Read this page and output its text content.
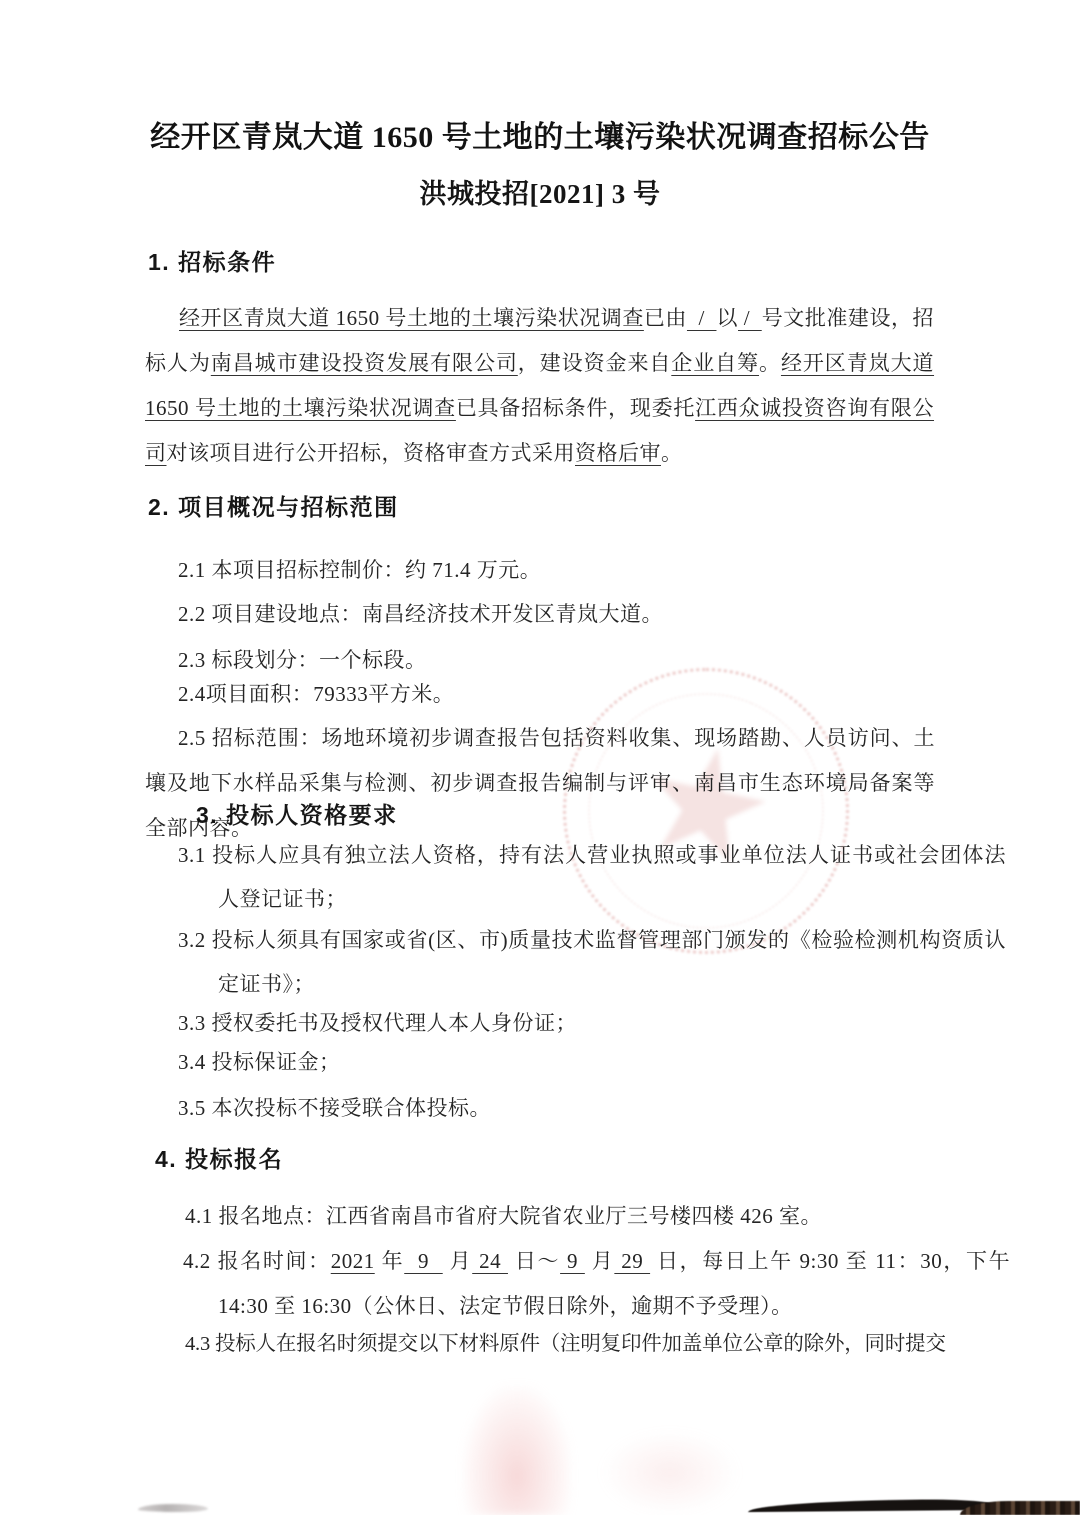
★
经开区青岚大道 1650 号土地的土壤污染状况调查招标公告
洪城投招[2021] 3 号
1. 招标条件
经开区青岚大道 1650 号土地的土壤污染状况调查已由  /  以 /  号文批准建设，招标人为南昌城市建设投资发展有限公司，建设资金来自企业自筹。经开区青岚大道 1650 号土地的土壤污染状况调查已具备招标条件，现委托江西众诚投资咨询有限公司对该项目进行公开招标，资格审查方式采用资格后审。
2. 项目概况与招标范围
2.1 本项目招标控制价：约 71.4 万元。
2.2 项目建设地点：南昌经济技术开发区青岚大道。
2.3 标段划分：一个标段。
2.4项目面积：79333平方米。
2.5 招标范围：场地环境初步调查报告包括资料收集、现场踏勘、人员访问、土壤及地下水样品采集与检测、初步调查报告编制与评审、南昌市生态环境局备案等全部内容。
3. 投标人资格要求
3.1 投标人应具有独立法人资格，持有法人营业执照或事业单位法人证书或社会团体法人登记证书；
3.2 投标人须具有国家或省(区、市)质量技术监督管理部门颁发的《检验检测机构资质认定证书》；
3.3 授权委托书及授权代理人本人身份证；
3.4 投标保证金；
3.5 本次投标不接受联合体投标。
4. 投标报名
4.1 报名地点：江西省南昌市省府大院省农业厅三号楼四楼 426 室。
4.2 报名时间：2021 年  9   月 24  日～ 9  月 29  日，每日上午 9:30 至 11：30，下午 14:30 至 16:30（公休日、法定节假日除外，逾期不予受理）。
4.3 投标人在报名时须提交以下材料原件（注明复印件加盖单位公章的除外，同时提交
